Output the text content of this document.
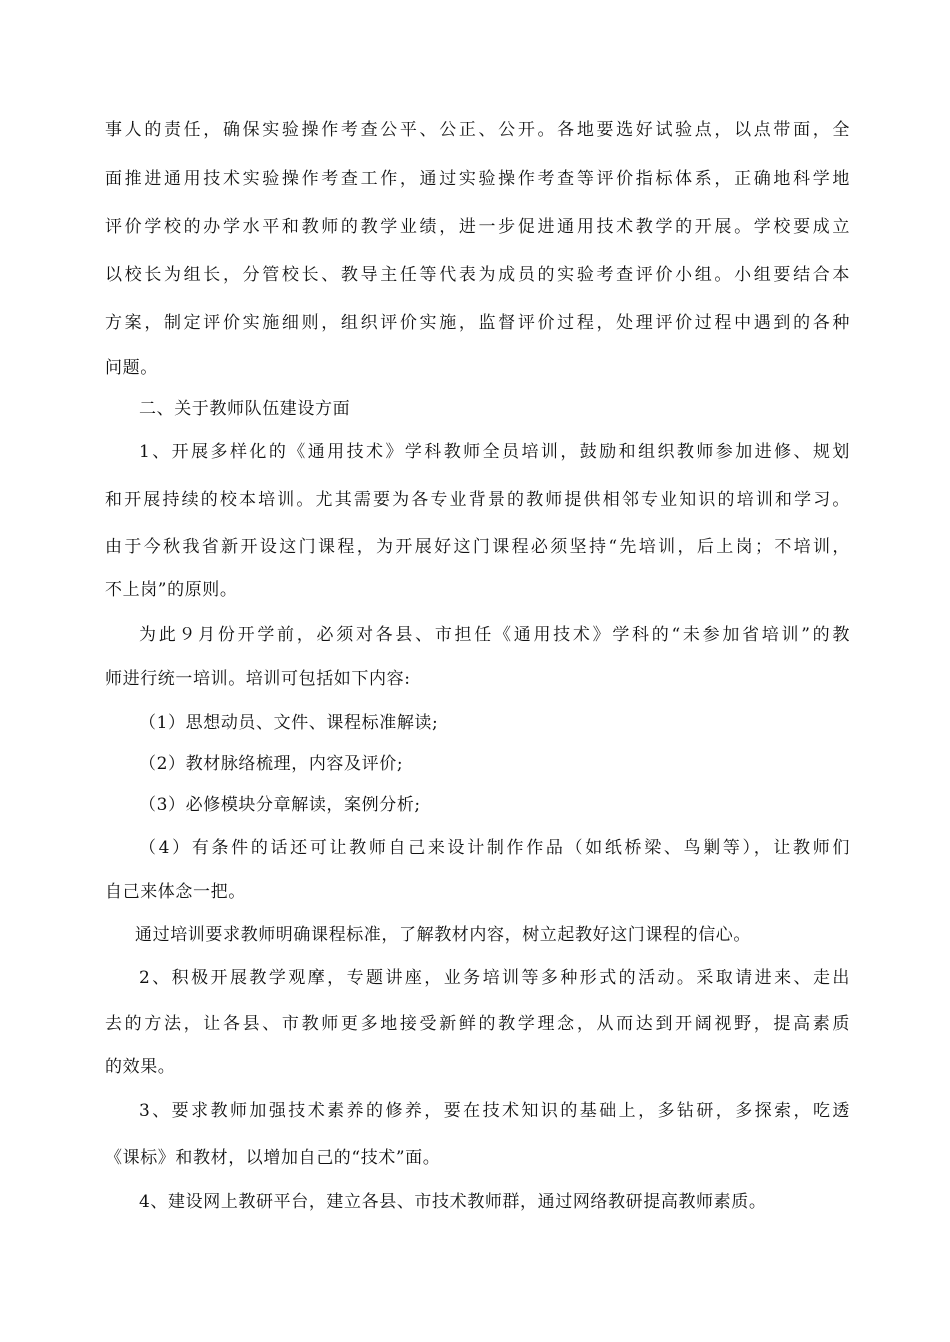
事人的责任，确保实验操作考查公平、公正、公开。各地要选好试验点，以点带面，全
面推进通用技术实验操作考查工作，通过实验操作考查等评价指标体系，正确地科学地
评价学校的办学水平和教师的教学业绩，进一步促进通用技术教学的开展。学校要成立
以校长为组长，分管校长、教导主任等代表为成员的实验考查评价小组。小组要结合本
方案，制定评价实施细则，组织评价实施，监督评价过程，处理评价过程中遇到的各种
问题。
二、关于教师队伍建设方面
1、开展多样化的《通用技术》学科教师全员培训，鼓励和组织教师参加进修、规划
和开展持续的校本培训。尤其需要为各专业背景的教师提供相邻专业知识的培训和学习。
由于今秋我省新开设这门课程，为开展好这门课程必须坚持“先培训，后上岗；不培训，
不上岗”的原则。
为此９月份开学前，必须对各县、市担任《通用技术》学科的“未参加省培训”的教
师进行统一培训。培训可包括如下内容:
（1）思想动员、文件、课程标准解读;
（2）教材脉络梳理，内容及评价;
（3）必修模块分章解读，案例分析;
（4）有条件的话还可让教师自己来设计制作作品（如纸桥梁、鸟剿等），让教师们
自己来体念一把。
通过培训要求教师明确课程标准，了解教材内容，树立起教好这门课程的信心。
2、积极开展教学观摩，专题讲座，业务培训等多种形式的活动。采取请进来、走出
去的方法，让各县、市教师更多地接受新鲜的教学理念，从而达到开阔视野，提高素质
的效果。
3、要求教师加强技术素养的修养，要在技术知识的基础上，多钻研，多探索，吃透
《课标》和教材，以增加自己的“技术”面。
4、建设网上教研平台，建立各县、市技术教师群，通过网络教研提高教师素质。
